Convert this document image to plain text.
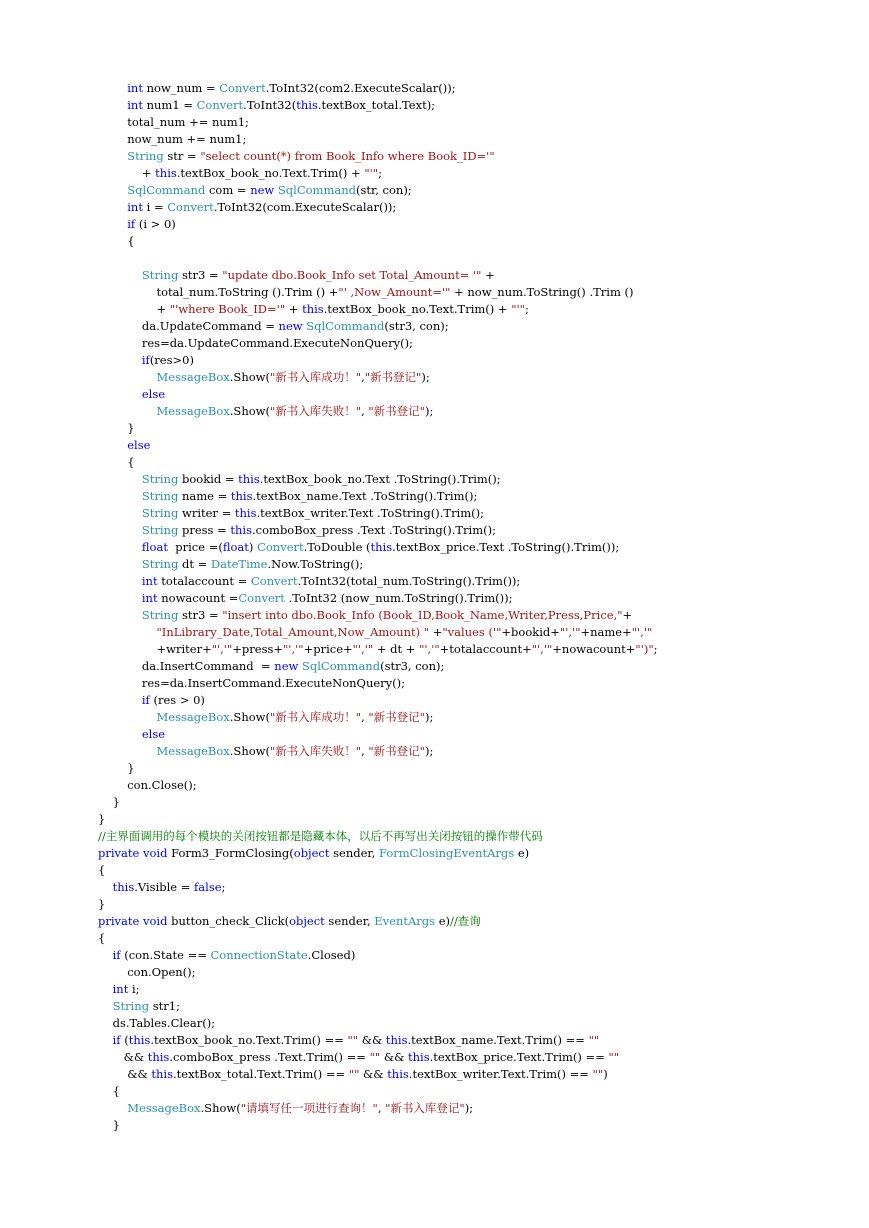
int now_num = Convert.ToInt32(com2.ExecuteScalar());
int num1 = Convert.ToInt32(this.textBox_total.Text);
total_num += num1;
now_num += num1;
String str = "select count(*) from Book_Info where Book_ID='"
+ this.textBox_book_no.Text.Trim() + "'";
SqlCommand com = new SqlCommand(str, con);
int i = Convert.ToInt32(com.ExecuteScalar());
if (i > 0)
{
String str3 = "update dbo.Book_Info set Total_Amount= '" +
total_num.ToString ().Trim () +"' ,Now_Amount='" + now_num.ToString() .Trim ()
+ "'where Book_ID='" + this.textBox_book_no.Text.Trim() + "'";
da.UpdateCommand = new SqlCommand(str3, con);
res=da.UpdateCommand.ExecuteNonQuery();
if(res>0)
MessageBox.Show("新书入库成功！","新书登记");
else
MessageBox.Show("新书入库失败！", "新书登记");
}
else
{
String bookid = this.textBox_book_no.Text .ToString().Trim();
String name = this.textBox_name.Text .ToString().Trim();
String writer = this.textBox_writer.Text .ToString().Trim();
String press = this.comboBox_press .Text .ToString().Trim();
float  price =(float) Convert.ToDouble (this.textBox_price.Text .ToString().Trim());
String dt = DateTime.Now.ToString();
int totalaccount = Convert.ToInt32(total_num.ToString().Trim());
int nowacount =Convert .ToInt32 (now_num.ToString().Trim());
String str3 = "insert into dbo.Book_Info (Book_ID,Book_Name,Writer,Press,Price,"+
"InLibrary_Date,Total_Amount,Now_Amount) " +"values ('"+bookid+"','"+name+"','"
+writer+"','"+press+"','"+price+"','" + dt + "','"+totalaccount+"','"+nowacount+"')";
da.InsertCommand  = new SqlCommand(str3, con);
res=da.InsertCommand.ExecuteNonQuery();
if (res > 0)
MessageBox.Show("新书入库成功！", "新书登记");
else
MessageBox.Show("新书入库失败！", "新书登记");
}
con.Close();
}
}
//主界面调用的每个模块的关闭按钮都是隐藏本体，以后不再写出关闭按钮的操作带代码
private void Form3_FormClosing(object sender, FormClosingEventArgs e)
{
this.Visible = false;
}
private void button_check_Click(object sender, EventArgs e)//查询
{
if (con.State == ConnectionState.Closed)
con.Open();
int i;
String str1;
ds.Tables.Clear();
if (this.textBox_book_no.Text.Trim() == "" && this.textBox_name.Text.Trim() == ""
&& this.comboBox_press .Text.Trim() == "" && this.textBox_price.Text.Trim() == ""
&& this.textBox_total.Text.Trim() == "" && this.textBox_writer.Text.Trim() == "")
{
MessageBox.Show("请填写任一项进行查询！", "新书入库登记");
}
